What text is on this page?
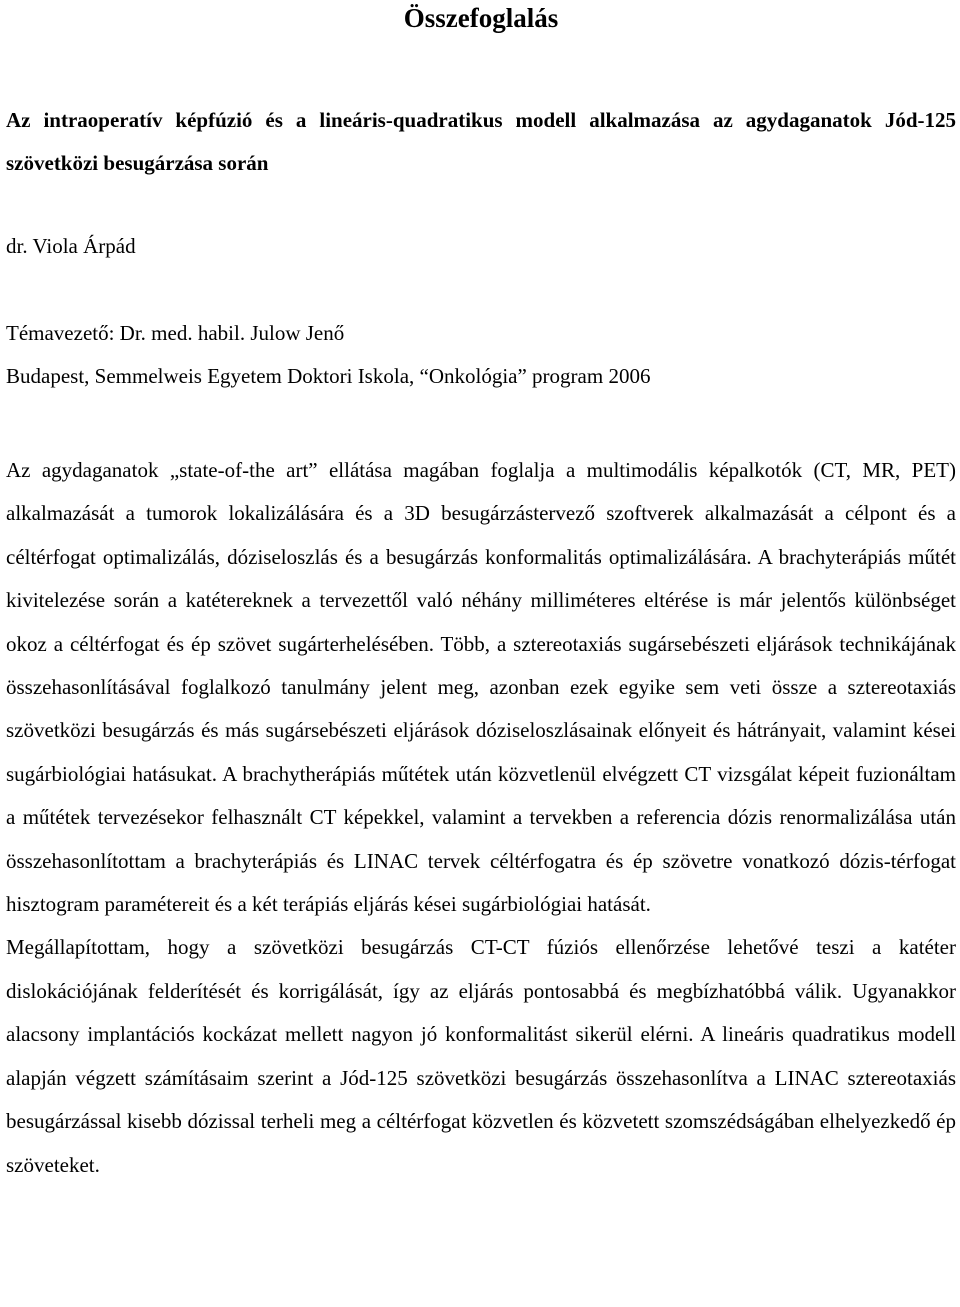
Összefoglalás
Az intraoperatív képfúzió és a lineáris-quadratikus modell alkalmazása az agydaganatok Jód-125 szövetközi besugárzása során
dr. Viola Árpád
Témavezető: Dr. med. habil. Julow Jenő
Budapest, Semmelweis Egyetem Doktori Iskola, “Onkológia” program 2006

Az agydaganatok „state-of-the art” ellátása magában foglalja a multimodális képalkotók (CT, MR, PET) alkalmazását a tumorok lokalizálására és a 3D besugárzástervező szoftverek alkalmazását a célpont és a céltérfogat optimalizálás, dóziseloszlás és a besugárzás konformalitás optimalizálására. A brachyterápiás műtét kivitelezése során a katétereknek a tervezettől való néhány milliméteres eltérése is már jelentős különbséget okoz a céltérfogat és ép szövet sugárterhelésében. Több, a sztereotaxiás sugársebészeti eljárások technikájának összehasonlításával foglalkozó tanulmány jelent meg, azonban ezek egyike sem veti össze a sztereotaxiás szövetközi besugárzás és más sugársebészeti eljárások dóziseloszlásainak előnyeit és hátrányait, valamint kései sugárbiológiai hatásukat. A brachytherápiás műtétek után közvetlenül elvégzett CT vizsgálat képeit fuzionáltam a műtétek tervezésekor felhasznált CT képekkel, valamint a tervekben a referencia dózis renormalizálása után összehasonlítottam a brachyterápiás és LINAC tervek céltérfogatra és ép szövetre vonatkozó dózis-térfogat hisztogram paramétereit és a két terápiás eljárás kései sugárbiológiai hatását.

Megállapítottam, hogy a szövetközi besugárzás CT-CT fúziós ellenőrzése lehetővé teszi a katéter dislokációjának felderítését és korrigálását, így az eljárás pontosabbá és megbízhatóbbá válik. Ugyanakkor alacsony implantációs kockázat mellett nagyon jó konformalitást sikerül elérni. A lineáris quadratikus modell alapján végzett számításaim szerint a Jód-125 szövetközi besugárzás összehasonlítva a LINAC sztereotaxiás besugárzással kisebb dózissal terheli meg a céltérfogat közvetlen és közvetett szomszédságában elhelyezkedő ép szöveteket.
